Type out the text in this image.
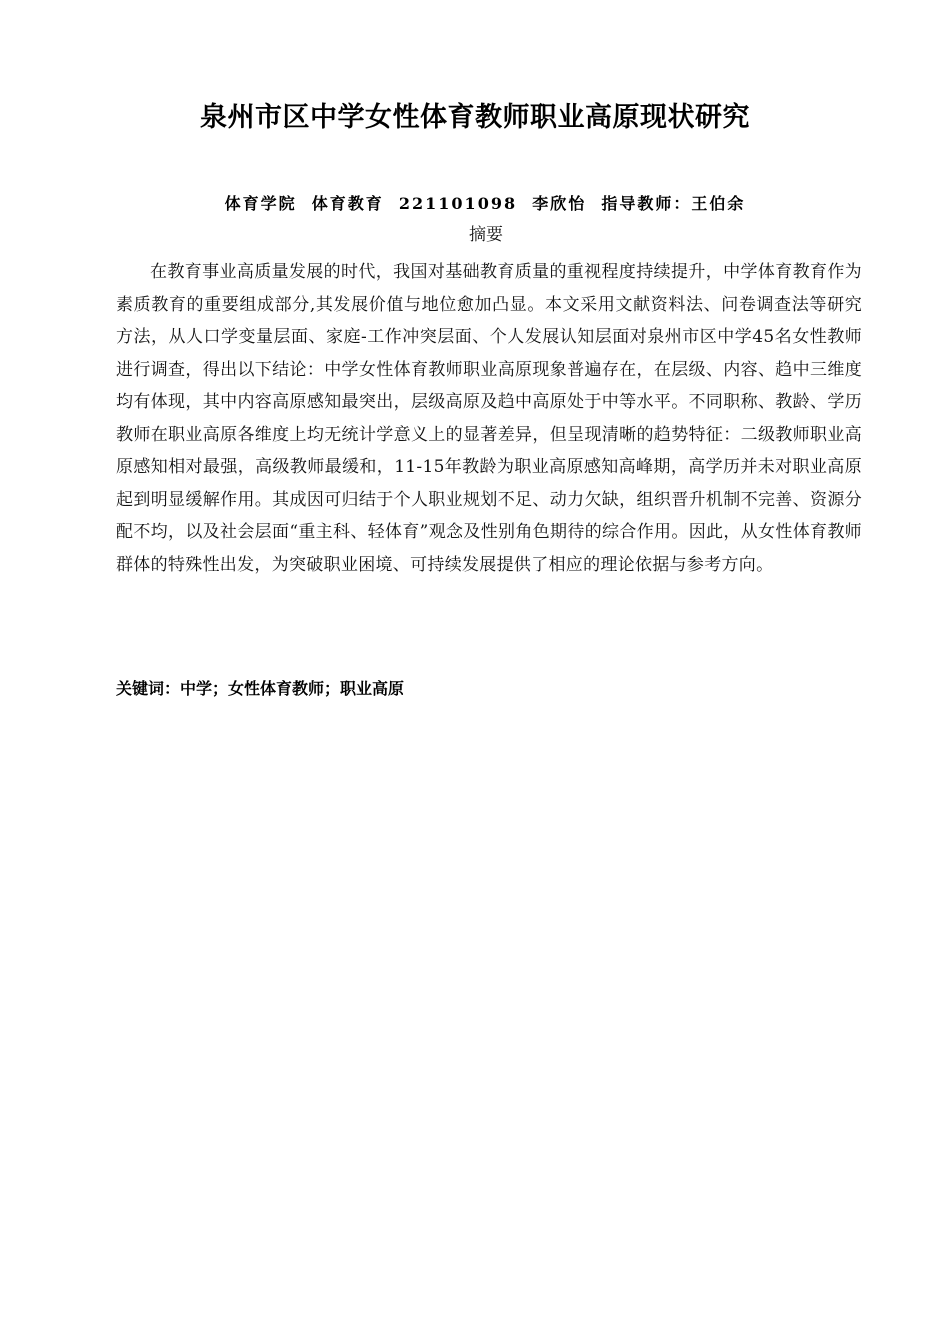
泉州市区中学女性体育教师职业高原现状研究
体育学院  体育教育  221101098  李欣怡  指导教师：王伯余
摘要

在教育事业高质量发展的时代，我国对基础教育质量的重视程度持续提升，中学体育教育作为素质教育的重要组成部分,其发展价值与地位愈加凸显。本文采用文献资料法、问卷调查法等研究方法，从人口学变量层面、家庭-工作冲突层面、个人发展认知层面对泉州市区中学45名女性教师进行调查，得出以下结论：中学女性体育教师职业高原现象普遍存在，在层级、内容、趋中三维度均有体现，其中内容高原感知最突出，层级高原及趋中高原处于中等水平。不同职称、教龄、学历教师在职业高原各维度上均无统计学意义上的显著差异，但呈现清晰的趋势特征：二级教师职业高原感知相对最强，高级教师最缓和，11-15年教龄为职业高原感知高峰期，高学历并未对职业高原起到明显缓解作用。其成因可归结于个人职业规划不足、动力欠缺，组织晋升机制不完善、资源分配不均，以及社会层面“重主科、轻体育”观念及性别角色期待的综合作用。因此，从女性体育教师群体的特殊性出发，为突破职业困境、可持续发展提供了相应的理论依据与参考方向。

关键词：中学；女性体育教师；职业高原
